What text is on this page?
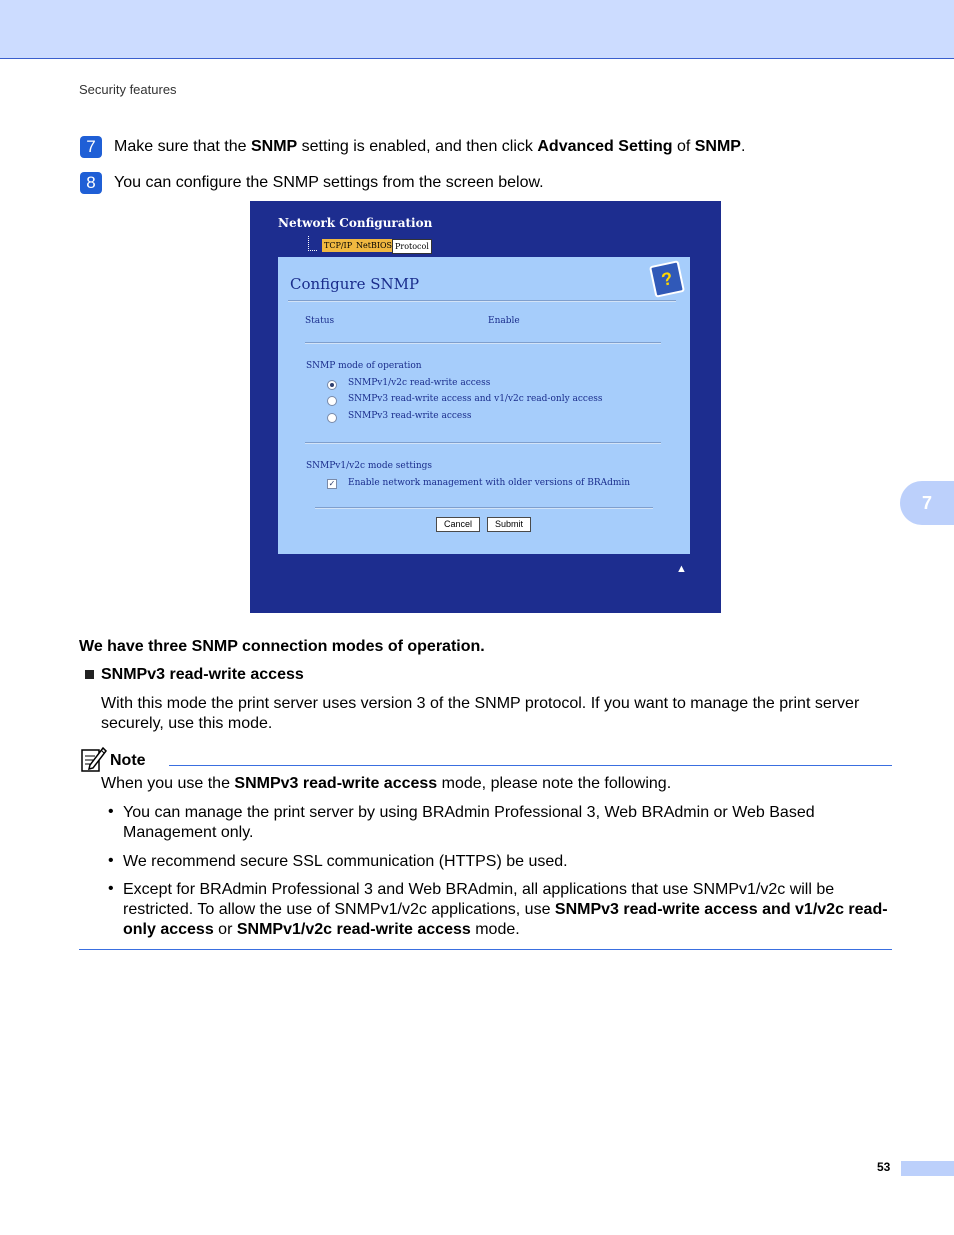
Security features
7	Make sure that the SNMP setting is enabled, and then click Advanced Setting of SNMP.
8	You can configure the SNMP settings from the screen below.
Network Configuration
TCP/IP NetBIOS Protocol
Configure SNMP	?
Status	Enable
SNMP mode of operation
SNMPv1/v2c read-write access
SNMPv3 read-write access and v1/v2c read-only access
SNMPv3 read-write access
SNMPv1/v2c mode settings
✓ Enable network management with older versions of BRAdmin
Cancel	Submit
▲
We have three SNMP connection modes of operation.
SNMPv3 read-write access
With this mode the print server uses version 3 of the SNMP protocol. If you want to manage the print server securely, use this mode.
Note
When you use the SNMPv3 read-write access mode, please note the following.
• You can manage the print server by using BRAdmin Professional 3, Web BRAdmin or Web Based Management only.
• We recommend secure SSL communication (HTTPS) be used.
• Except for BRAdmin Professional 3 and Web BRAdmin, all applications that use SNMPv1/v2c will be restricted. To allow the use of SNMPv1/v2c applications, use SNMPv3 read-write access and v1/v2c read-only access or SNMPv1/v2c read-write access mode.
7
53
